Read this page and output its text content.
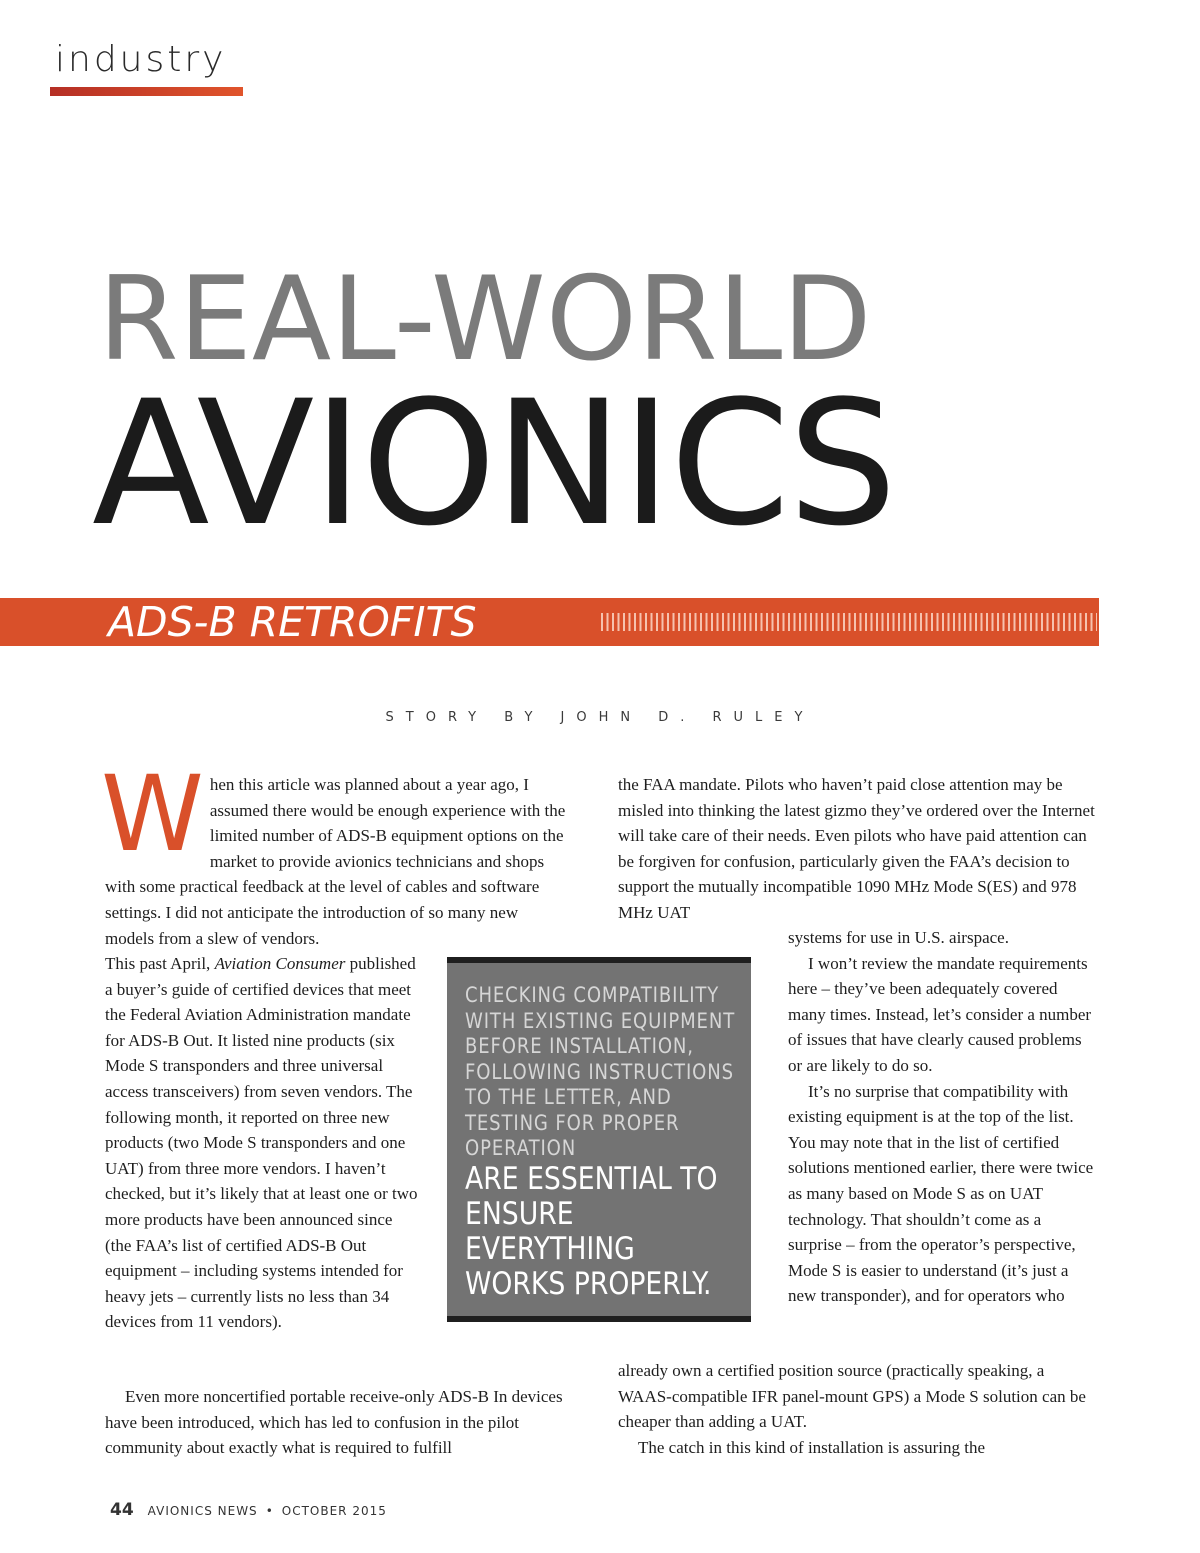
industry
REAL-WORLD
AVIONICS
ADS-B RETROFITS
STORY BY JOHN D. RULEY

When this article was planned about a year ago, I assumed there would be enough experience with the limited number of ADS-B equipment options on the market to provide avionics technicians and shops with some practical feedback at the level of cables and software settings. I did not anticipate the introduction of so many new models from a slew of vendors.

This past April, Aviation Consumer published a buyer’s guide of certified devices that meet the Federal Aviation Administration mandate for ADS-B Out. It listed nine products (six Mode S transponders and three universal access transceivers) from seven vendors. The following month, it reported on three new products (two Mode S transponders and one UAT) from three more vendors. I haven’t checked, but it’s likely that at least one or two more products have been announced since (the FAA’s list of certified ADS-B Out equipment – including systems intended for heavy jets – currently lists no less than 34 devices from 11 vendors).

Even more noncertified portable receive-only ADS-B In devices have been introduced, which has led to confusion in the pilot community about exactly what is required to fulfill

the FAA mandate. Pilots who haven’t paid close attention may be misled into thinking the latest gizmo they’ve ordered over the Internet will take care of their needs. Even pilots who have paid attention can be forgiven for confusion, particularly given the FAA’s decision to support the mutually incompatible 1090 MHz Mode S(ES) and 978 MHz UAT

systems for use in U.S. airspace.

I won’t review the mandate requirements here – they’ve been adequately covered many times. Instead, let’s consider a number of issues that have clearly caused problems or are likely to do so.

It’s no surprise that compatibility with existing equipment is at the top of the list. You may note that in the list of certified solutions mentioned earlier, there were twice as many based on Mode S as on UAT technology. That shouldn’t come as a surprise – from the operator’s perspective, Mode S is easier to understand (it’s just a new transponder), and for operators who

already own a certified position source (practically speaking, a WAAS-compatible IFR panel-mount GPS) a Mode S solution can be cheaper than adding a UAT.

The catch in this kind of installation is assuring the

CHECKING COMPATIBILITY WITH EXISTING EQUIPMENT BEFORE INSTALLATION, FOLLOWING INSTRUCTIONS TO THE LETTER, AND TESTING FOR PROPER OPERATION
ARE ESSENTIAL TO ENSURE EVERYTHING WORKS PROPERLY.
44 AVIONICS NEWS • OCTOBER 2015
